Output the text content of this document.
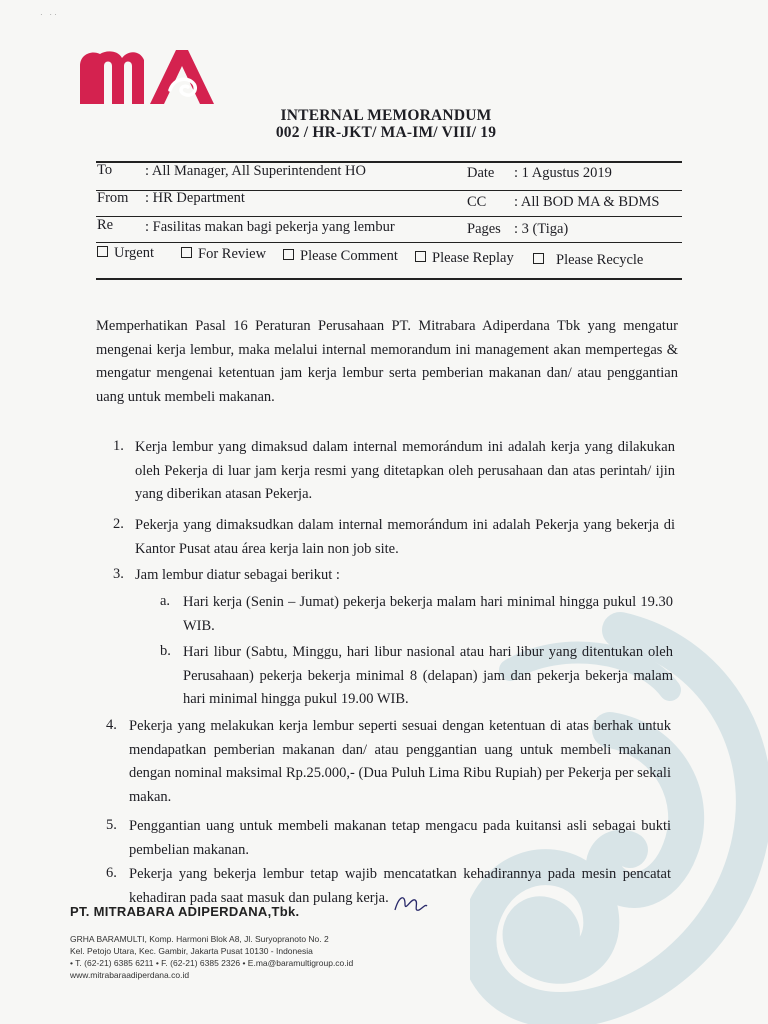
·   · ·
INTERNAL MEMORANDUM
002 / HR-JKT/ MA-IM/ VIII/ 19
To : All Manager, All Superintendent HO	Date : 1 Agustus 2019
From : HR Department	CC : All BOD MA & BDMS
Re : Fasilitas makan bagi pekerja yang lembur	Pages : 3 (Tiga)
Urgent	For Review	Please Comment	Please Replay	Please Recycle
Memperhatikan Pasal 16 Peraturan Perusahaan PT. Mitrabara Adiperdana Tbk yang mengatur mengenai kerja lembur, maka melalui internal memorandum ini management akan mempertegas & mengatur mengenai ketentuan jam kerja lembur serta pemberian makanan dan/ atau penggantian uang untuk membeli makanan.
1. Kerja lembur yang dimaksud dalam internal memorándum ini adalah kerja yang dilakukan oleh Pekerja di luar jam kerja resmi yang ditetapkan oleh perusahaan dan atas perintah/ ijin yang diberikan atasan Pekerja.
2. Pekerja yang dimaksudkan dalam internal memorándum ini adalah Pekerja yang bekerja di Kantor Pusat atau área kerja lain non job site.
3. Jam lembur diatur sebagai berikut :
a. Hari kerja (Senin – Jumat) pekerja bekerja malam hari minimal hingga pukul 19.30 WIB.
b. Hari libur (Sabtu, Minggu, hari libur nasional atau hari libur yang ditentukan oleh Perusahaan) pekerja bekerja minimal 8 (delapan) jam dan pekerja bekerja malam hari minimal hingga pukul 19.00 WIB.
4. Pekerja yang melakukan kerja lembur seperti sesuai dengan ketentuan di atas berhak untuk mendapatkan pemberian makanan dan/ atau penggantian uang untuk membeli makanan dengan nominal maksimal Rp.25.000,- (Dua Puluh Lima Ribu Rupiah) per Pekerja per sekali makan.
5. Penggantian uang untuk membeli makanan tetap mengacu pada kuitansi asli sebagai bukti pembelian makanan.
6. Pekerja yang bekerja lembur tetap wajib mencatatkan kehadirannya pada mesin pencatat kehadiran pada saat masuk dan pulang kerja.
PT. MITRABARA ADIPERDANA,Tbk.
GRHA BARAMULTI, Komp. Harmoni Blok A8, Jl. Suryopranoto No. 2
Kel. Petojo Utara, Kec. Gambir, Jakarta Pusat 10130 - Indonesia
• T. (62-21) 6385 6211 • F. (62-21) 6385 2326 • E.ma@baramultigroup.co.id
www.mitrabaraadiperdana.co.id
